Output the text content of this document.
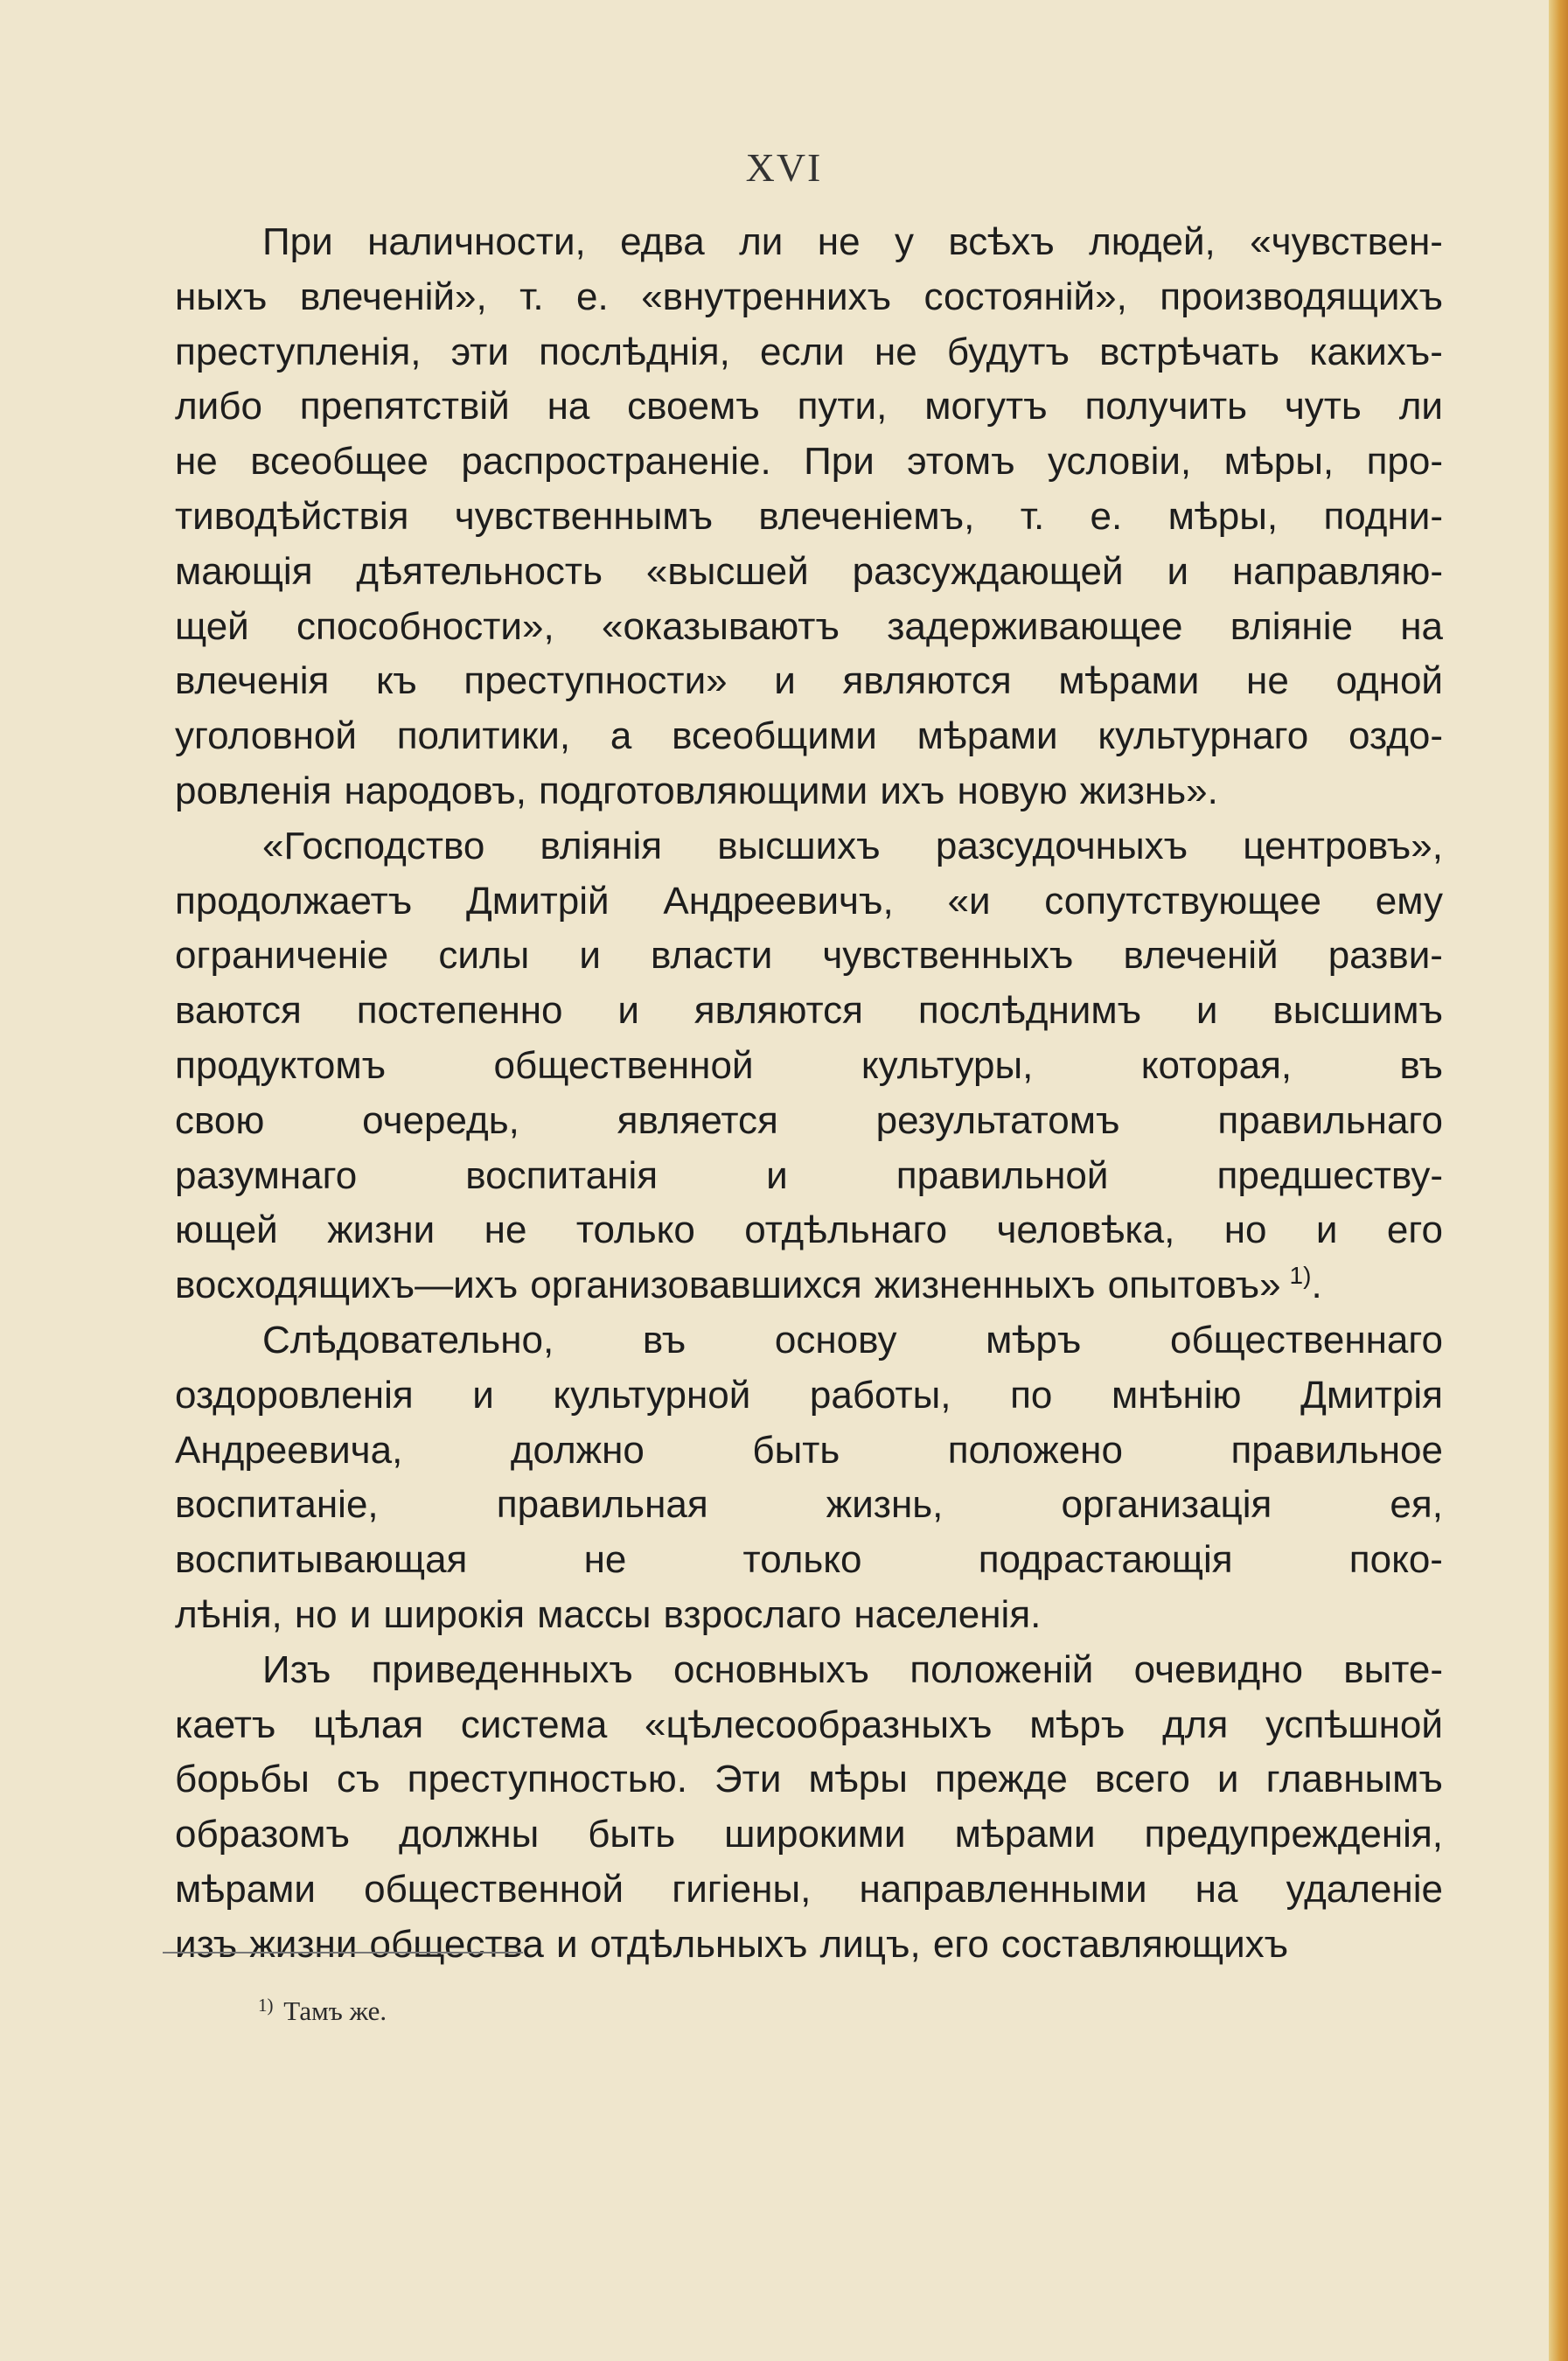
XVI
При наличности, едва ли не у всѣхъ людей, «чувствен-
ныхъ влеченій», т. е. «внутреннихъ состояній», производящихъ
преступленія, эти послѣднія, если не будутъ встрѣчать какихъ-
либо препятствій на своемъ пути, могутъ получить чуть ли
не всеобщее распространеніе. При этомъ условіи, мѣры, про-
тиводѣйствія чувственнымъ влеченіемъ, т. е. мѣры, подни-
мающія дѣятельность «высшей разсуждающей и направляю-
щей способности», «оказываютъ задерживающее вліяніе на
влеченія къ преступности» и являются мѣрами не одной
уголовной политики, а всеобщими мѣрами культурнаго оздо-
ровленія народовъ, подготовляющими ихъ новую жизнь».
«Господство вліянія высшихъ разсудочныхъ центровъ»,
продолжаетъ Дмитрій Андреевичъ, «и сопутствующее ему
ограниченіе силы и власти чувственныхъ влеченій разви-
ваются постепенно и являются послѣднимъ и высшимъ
продуктомъ	общественной	культуры,	которая,	въ
свою	очередь,	является	результатомъ	правильнаго
разумнаго	воспитанія	и	правильной	предшеству-
ющей жизни не только отдѣльнаго человѣка, но и его
восходящихъ—ихъ организовавшихся жизненныхъ опытовъ» 1) .
Слѣдовательно, въ основу мѣръ общественнаго
оздоровленія и культурной работы, по мнѣнію Дмитрія
Андреевича,	должно	быть	положено	правильное
воспитаніе,	правильная	жизнь,	организація	ея,
воспитывающая	не	только	подрастающія	поко-
лѣнія, но и широкія массы взрослаго населенія.
Изъ приведенныхъ основныхъ положеній очевидно выте-
каетъ цѣлая система «цѣлесообразныхъ мѣръ для успѣшной
борьбы съ преступностью. Эти мѣры прежде всего и главнымъ
образомъ должны быть широкими мѣрами предупрежденія,
мѣрами общественной гигіены, направленными на удаленіе
изъ жизни общества и отдѣльныхъ лицъ, его составляющихъ
$^{1)}$ Тамъ же.
